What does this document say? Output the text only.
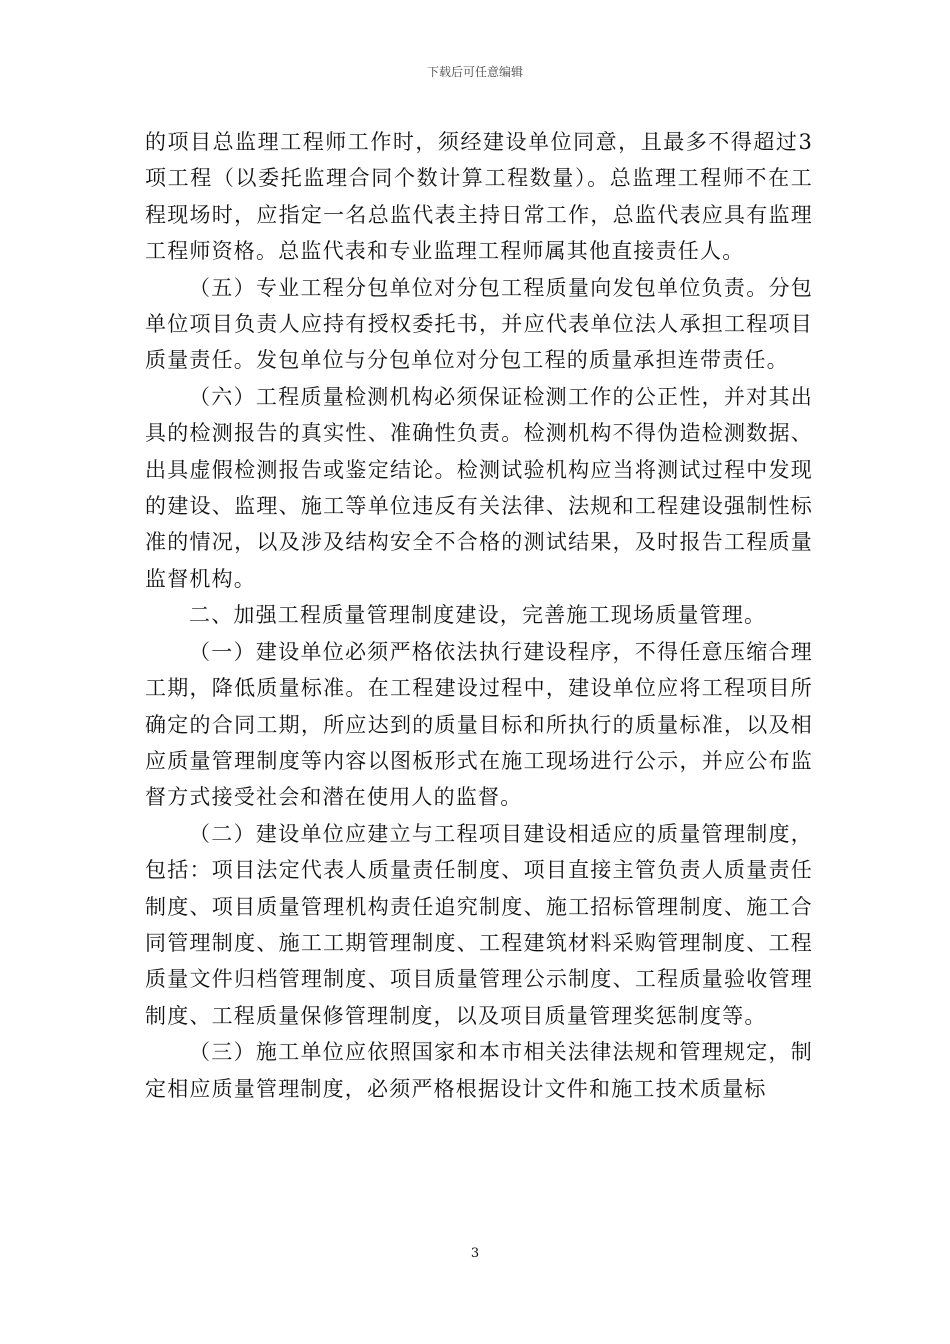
下载后可任意编辑

的项目总监理工程师工作时，须经建设单位同意，且最多不得超过3项工程（以委托监理合同个数计算工程数量）。总监理工程师不在工程现场时，应指定一名总监代表主持日常工作，总监代表应具有监理工程师资格。总监代表和专业监理工程师属其他直接责任人。

（五）专业工程分包单位对分包工程质量向发包单位负责。分包单位项目负责人应持有授权委托书，并应代表单位法人承担工程项目质量责任。发包单位与分包单位对分包工程的质量承担连带责任。

（六）工程质量检测机构必须保证检测工作的公正性，并对其出具的检测报告的真实性、准确性负责。检测机构不得伪造检测数据、出具虚假检测报告或鉴定结论。检测试验机构应当将测试过程中发现的建设、监理、施工等单位违反有关法律、法规和工程建设强制性标准的情况，以及涉及结构安全不合格的测试结果，及时报告工程质量监督机构。

二、加强工程质量管理制度建设，完善施工现场质量管理。

（一）建设单位必须严格依法执行建设程序，不得任意压缩合理工期，降低质量标准。在工程建设过程中，建设单位应将工程项目所确定的合同工期，所应达到的质量目标和所执行的质量标准，以及相应质量管理制度等内容以图板形式在施工现场进行公示，并应公布监督方式接受社会和潜在使用人的监督。

（二）建设单位应建立与工程项目建设相适应的质量管理制度，包括：项目法定代表人质量责任制度、项目直接主管负责人质量责任制度、项目质量管理机构责任追究制度、施工招标管理制度、施工合同管理制度、施工工期管理制度、工程建筑材料采购管理制度、工程质量文件归档管理制度、项目质量管理公示制度、工程质量验收管理制度、工程质量保修管理制度，以及项目质量管理奖惩制度等。

（三）施工单位应依照国家和本市相关法律法规和管理规定，制定相应质量管理制度，必须严格根据设计文件和施工技术质量标

3
